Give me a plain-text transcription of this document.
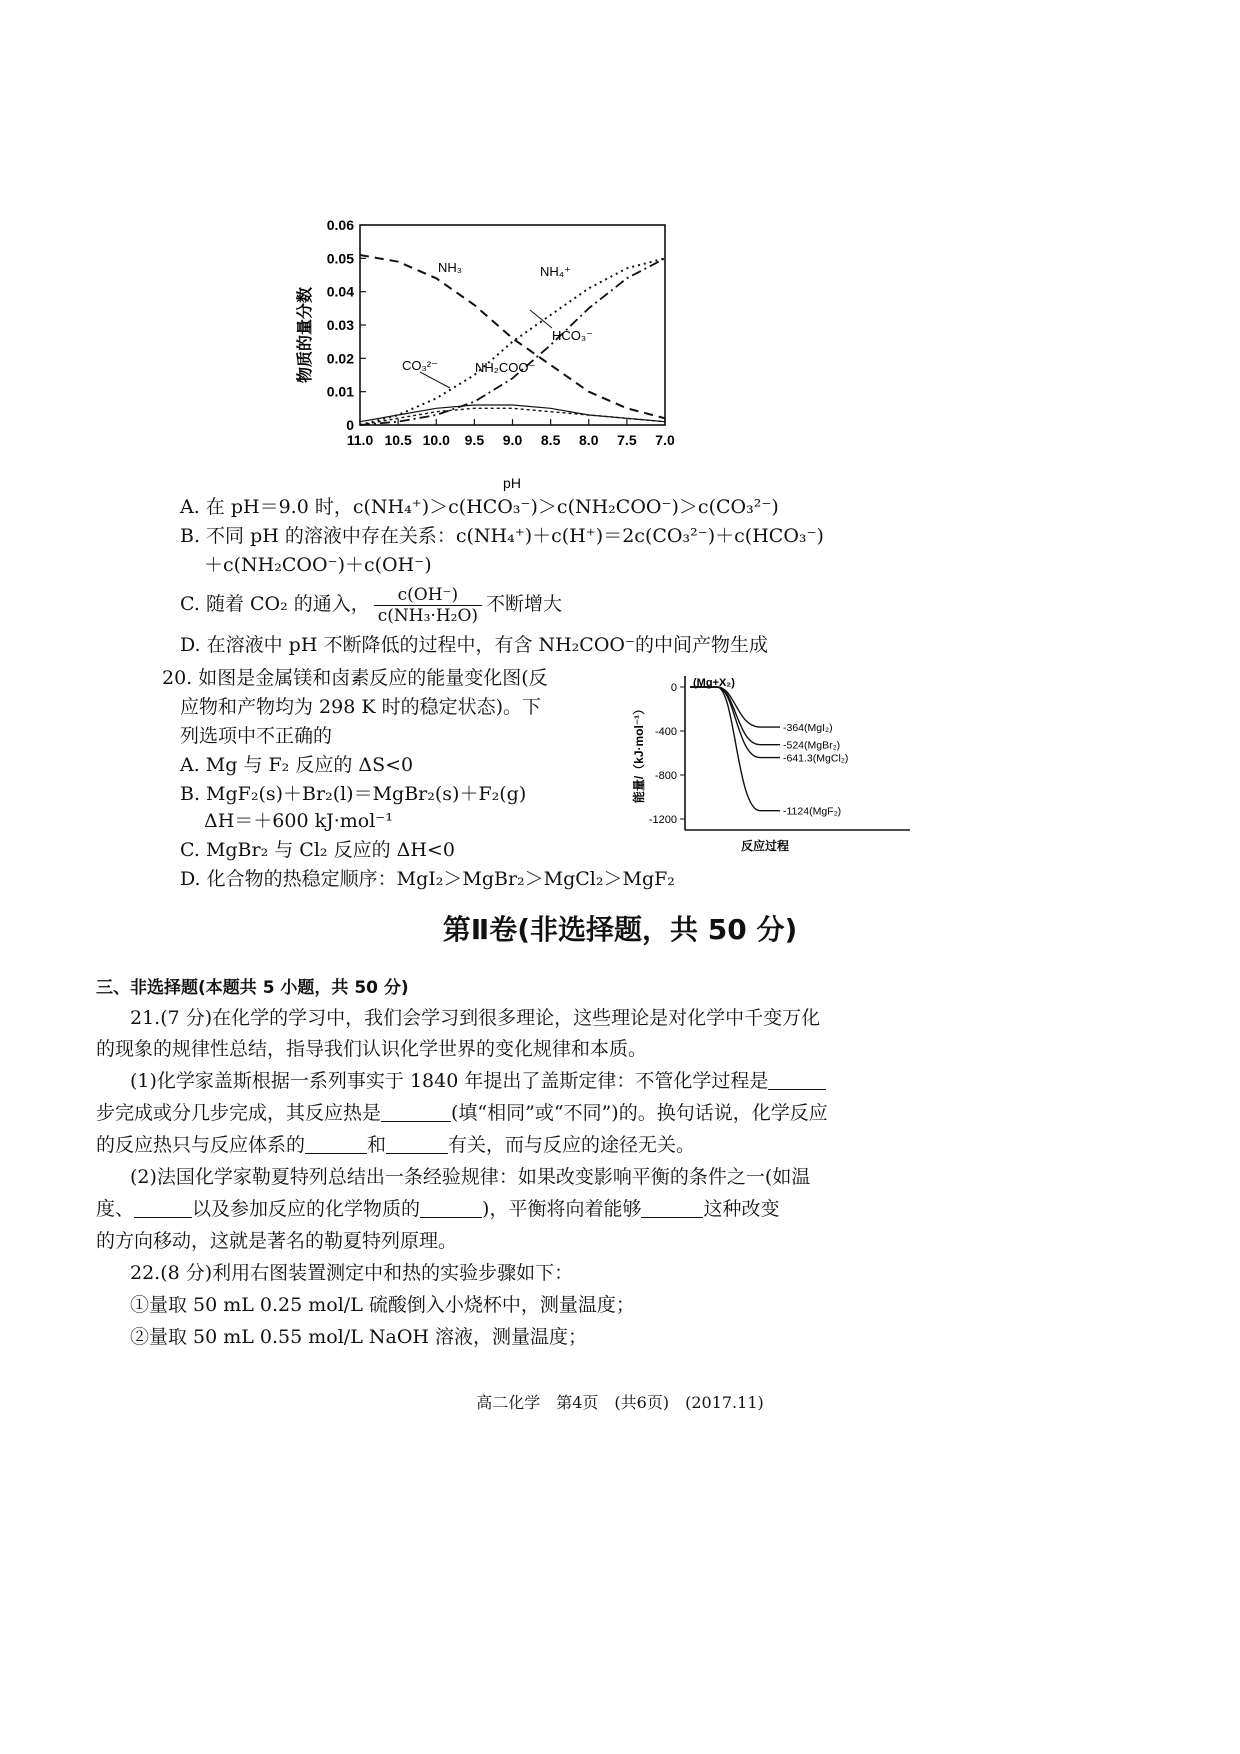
物质的量分数
0.06
0.05
0.04
0.03
0.02
0.01
0
11.0 10.5 10.0 9.5 9.0 8.5 8.0 7.5 7.0
pH
NH₃	NH₄⁺
HCO₃⁻
CO₃²⁻	NH₂COO⁻
A. 在 pH＝9.0 时，c(NH₄⁺)＞c(HCO₃⁻)＞c(NH₂COO⁻)＞c(CO₃²⁻)
B. 不同 pH 的溶液中存在关系：c(NH₄⁺)＋c(H⁺)＝2c(CO₃²⁻)＋c(HCO₃⁻)
＋c(NH₂COO⁻)＋c(OH⁻)
C. 随着 CO₂ 的通入， $\frac{c(OH^-)}{\text{c(NH₃·H₂O)}}$ 不断增大
D. 在溶液中 pH 不断降低的过程中，有含 NH₂COO⁻的中间产物生成
20. 如图是金属镁和卤素反应的能量变化图(反
应物和产物均为 298 K 时的稳定状态)。下
列选项中不正确的
A. Mg 与 F₂ 反应的 ΔS<0
B. MgF₂(s)＋Br₂(l)＝MgBr₂(s)＋F₂(g)
ΔH＝＋600 kJ·mol⁻¹
C. MgBr₂ 与 Cl₂ 反应的 ΔH<0
D. 化合物的热稳定顺序：MgI₂＞MgBr₂＞MgCl₂＞MgF₂
能量/（kJ·mol⁻¹）
(Mg+X₂)
0
-400
-800
-1200
-364(MgI₂)
-524(MgBr₂)
-641.3(MgCl₂)
-1124(MgF₂)
反应过程
第Ⅱ卷(非选择题，共 50 分)
三、非选择题(本题共 5 小题，共 50 分)
21.(7 分)在化学的学习中，我们会学习到很多理论，这些理论是对化学中千变万化
的现象的规律性总结，指导我们认识化学世界的变化规律和本质。
(1)化学家盖斯根据一系列事实于 1840 年提出了盖斯定律：不管化学过程是
步完成或分几步完成，其反应热是	(填“相同”或“不同”)的。换句话说，化学反应
的反应热只与反应体系的	和	有关，而与反应的途径无关。
(2)法国化学家勒夏特列总结出一条经验规律：如果改变影响平衡的条件之一(如温
度、	以及参加反应的化学物质的	)，平衡将向着能够	这种改变
的方向移动，这就是著名的勒夏特列原理。
22.(8 分)利用右图装置测定中和热的实验步骤如下：
①量取 50 mL 0.25 mol/L 硫酸倒入小烧杯中，测量温度；
②量取 50 mL 0.55 mol/L NaOH 溶液，测量温度；
高二化学　第4页　(共6页)　(2017.11)
